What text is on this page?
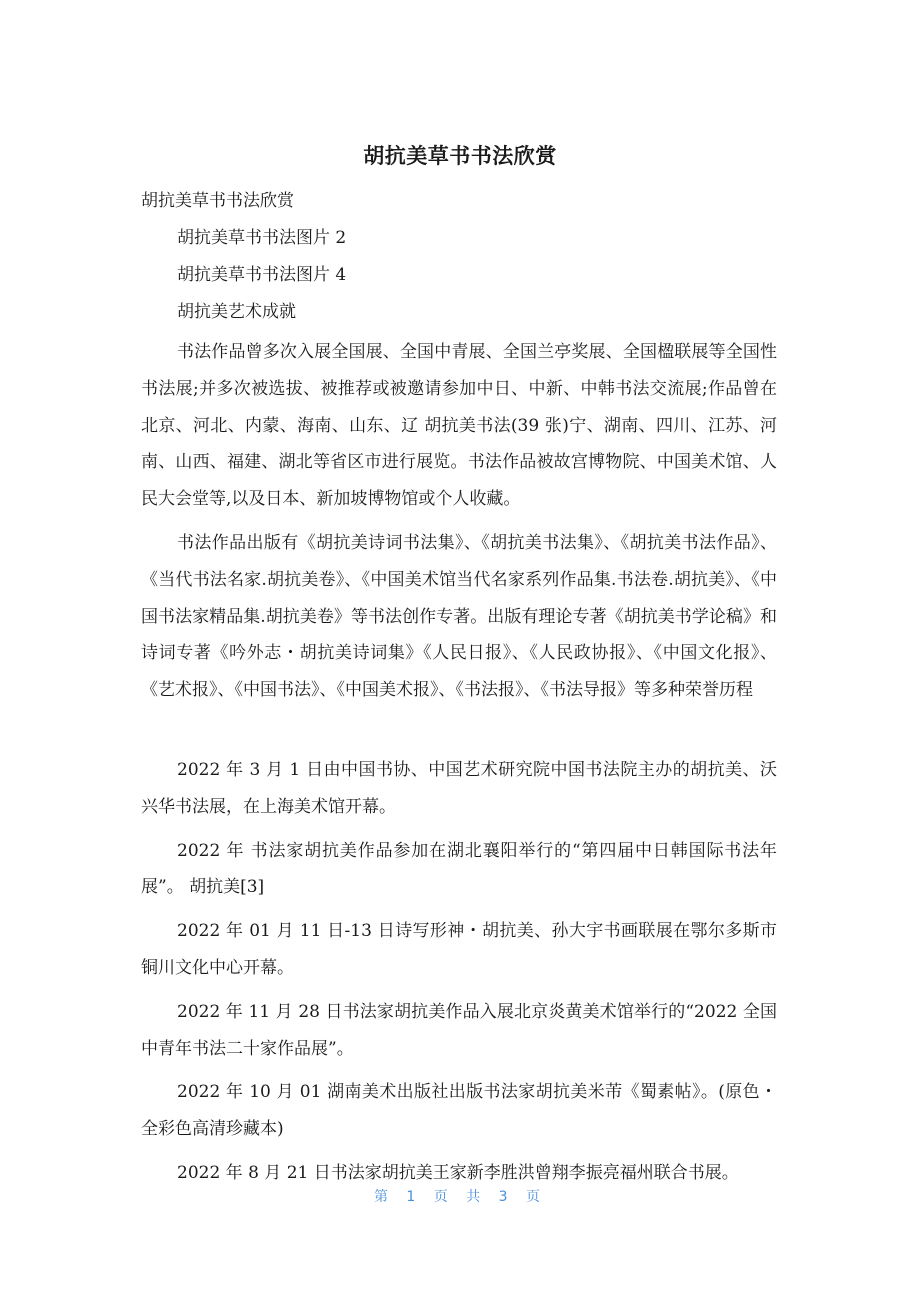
胡抗美草书书法欣赏
胡抗美草书书法欣赏
胡抗美草书书法图片 2
胡抗美草书书法图片 4
胡抗美艺术成就

书法作品曾多次入展全国展、全国中青展、全国兰亭奖展、全国楹联展等全国性书法展;并多次被选拔、被推荐或被邀请参加中日、中新、中韩书法交流展;作品曾在北京、河北、内蒙、海南、山东、辽 胡抗美书法(39 张)宁、湖南、四川、江苏、河南、山西、福建、湖北等省区市进行展览。书法作品被故宫博物院、中国美术馆、人民大会堂等,以及日本、新加坡博物馆或个人收藏。

书法作品出版有《胡抗美诗词书法集》、《胡抗美书法集》、《胡抗美书法作品》、《当代书法名家.胡抗美卷》、《中国美术馆当代名家系列作品集.书法卷.胡抗美》、《中国书法家精品集.胡抗美卷》等书法创作专著。出版有理论专著《胡抗美书学论稿》和诗词专著《吟外志・胡抗美诗词集》《人民日报》、《人民政协报》、《中国文化报》、《艺术报》、《中国书法》、《中国美术报》、《书法报》、《书法导报》等多种荣誉历程

2022 年 3 月 1 日由中国书协、中国艺术研究院中国书法院主办的胡抗美、沃兴华书法展，在上海美术馆开幕。

2022 年 书法家胡抗美作品参加在湖北襄阳举行的“第四届中日韩国际书法年展”。 胡抗美[3]

2022 年 01 月 11 日-13 日诗写形神・胡抗美、孙大宇书画联展在鄂尔多斯市铜川文化中心开幕。

2022 年 11 月 28 日书法家胡抗美作品入展北京炎黄美术馆举行的“2022 全国中青年书法二十家作品展”。

2022 年 10 月 01 湖南美术出版社出版书法家胡抗美米芾《蜀素帖》。(原色・ 全彩色高清珍藏本)

2022 年 8 月 21 日书法家胡抗美王家新李胜洪曾翔李振亮福州联合书展。

第 1 页 共 3 页
